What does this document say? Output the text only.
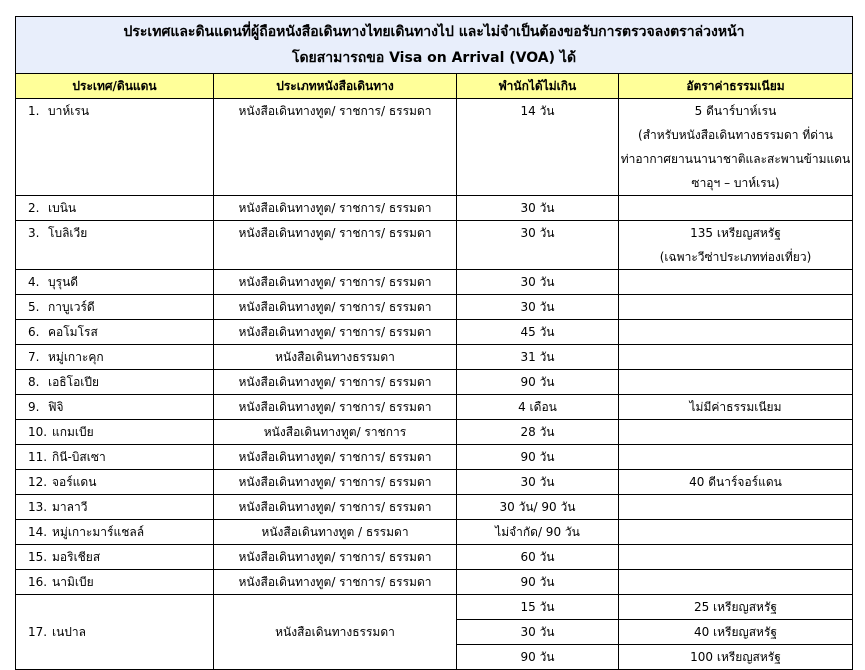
ประเทศและดินแดนที่ผู้ถือหนังสือเดินทางไทยเดินทางไป และไม่จำเป็นต้องขอรับการตรวจลงตราล่วงหน้า
โดยสามารถขอ Visa on Arrival (VOA) ได้			

ประเทศ/ดินแดน	ประเภทหนังสือเดินทาง	พำนักได้ไม่เกิน	อัตราค่าธรรมเนียม
1. บาห์เรน	หนังสือเดินทางทูต/ ราชการ/ ธรรมดา	14 วัน	5 ดีนาร์บาห์เรน
(สำหรับหนังสือเดินทางธรรมดา ที่ด่าน
ท่าอากาศยานนานาชาติและสะพานข้ามแดน
ซาอุฯ – บาห์เรน)

2. เบนิน	หนังสือเดินทางทูต/ ราชการ/ ธรรมดา	30 วัน	
3. โบลิเวีย	หนังสือเดินทางทูต/ ราชการ/ ธรรมดา	30 วัน	135 เหรียญสหรัฐ
(เฉพาะวีซ่าประเภทท่องเที่ยว)

4. บุรุนดี	หนังสือเดินทางทูต/ ราชการ/ ธรรมดา	30 วัน	
5. กาบูเวร์ดี	หนังสือเดินทางทูต/ ราชการ/ ธรรมดา	30 วัน	
6. คอโมโรส	หนังสือเดินทางทูต/ ราชการ/ ธรรมดา	45 วัน	
7. หมู่เกาะคุก	หนังสือเดินทางธรรมดา	31 วัน	
8. เอธิโอเปีย	หนังสือเดินทางทูต/ ราชการ/ ธรรมดา	90 วัน	
9. ฟิจิ	หนังสือเดินทางทูต/ ราชการ/ ธรรมดา	4 เดือน	ไม่มีค่าธรรมเนียม
10. แกมเบีย	หนังสือเดินทางทูต/ ราชการ	28 วัน	
11. กินี-บิสเซา	หนังสือเดินทางทูต/ ราชการ/ ธรรมดา	90 วัน	
12. จอร์แดน	หนังสือเดินทางทูต/ ราชการ/ ธรรมดา	30 วัน	40 ดีนาร์จอร์แดน
13. มาลาวี	หนังสือเดินทางทูต/ ราชการ/ ธรรมดา	30 วัน/ 90 วัน	
14. หมู่เกาะมาร์แชลล์	หนังสือเดินทางทูต / ธรรมดา	ไม่จำกัด/ 90 วัน	
15. มอริเชียส	หนังสือเดินทางทูต/ ราชการ/ ธรรมดา	60 วัน	
16. นามิเบีย	หนังสือเดินทางทูต/ ราชการ/ ธรรมดา	90 วัน	
17. เนปาล	หนังสือเดินทางธรรมดา	15 วัน	25 เหรียญสหรัฐ
		30 วัน	40 เหรียญสหรัฐ
		90 วัน	100 เหรียญสหรัฐ
